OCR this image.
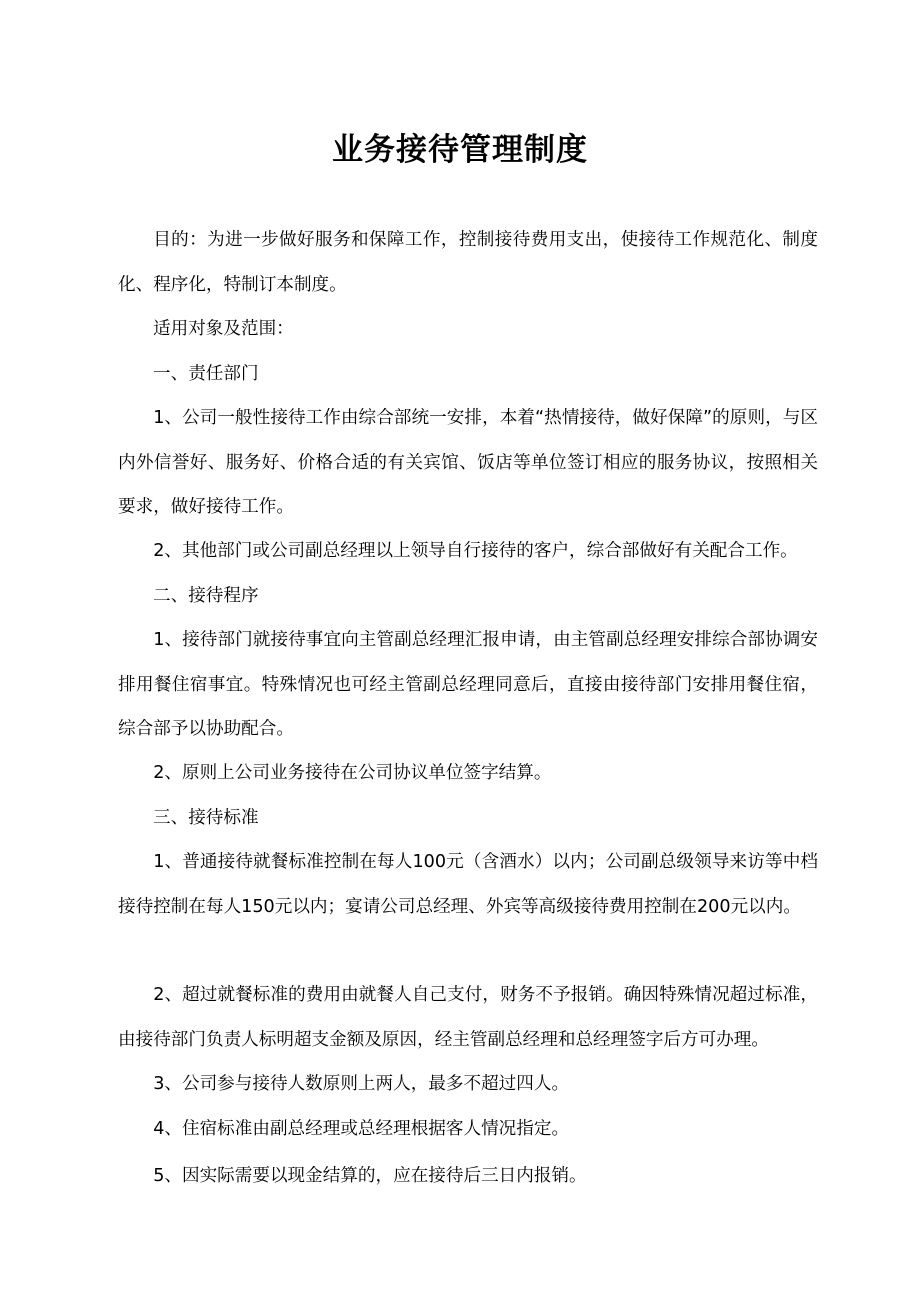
业务接待管理制度
目的：为进一步做好服务和保障工作，控制接待费用支出，使接待工作规范化、制度化、程序化，特制订本制度。
适用对象及范围：
一、责任部门
1、公司一般性接待工作由综合部统一安排，本着“热情接待，做好保障”的原则，与区内外信誉好、服务好、价格合适的有关宾馆、饭店等单位签订相应的服务协议，按照相关要求，做好接待工作。
2、其他部门或公司副总经理以上领导自行接待的客户，综合部做好有关配合工作。
二、接待程序
1、接待部门就接待事宜向主管副总经理汇报申请，由主管副总经理安排综合部协调安排用餐住宿事宜。特殊情况也可经主管副总经理同意后，直接由接待部门安排用餐住宿，综合部予以协助配合。
2、原则上公司业务接待在公司协议单位签字结算。
三、接待标准
1、普通接待就餐标准控制在每人100元（含酒水）以内；公司副总级领导来访等中档接待控制在每人150元以内；宴请公司总经理、外宾等高级接待费用控制在200元以内。
2、超过就餐标准的费用由就餐人自己支付，财务不予报销。确因特殊情况超过标准，由接待部门负责人标明超支金额及原因，经主管副总经理和总经理签字后方可办理。
3、公司参与接待人数原则上两人，最多不超过四人。
4、住宿标准由副总经理或总经理根据客人情况指定。
5、因实际需要以现金结算的，应在接待后三日内报销。
